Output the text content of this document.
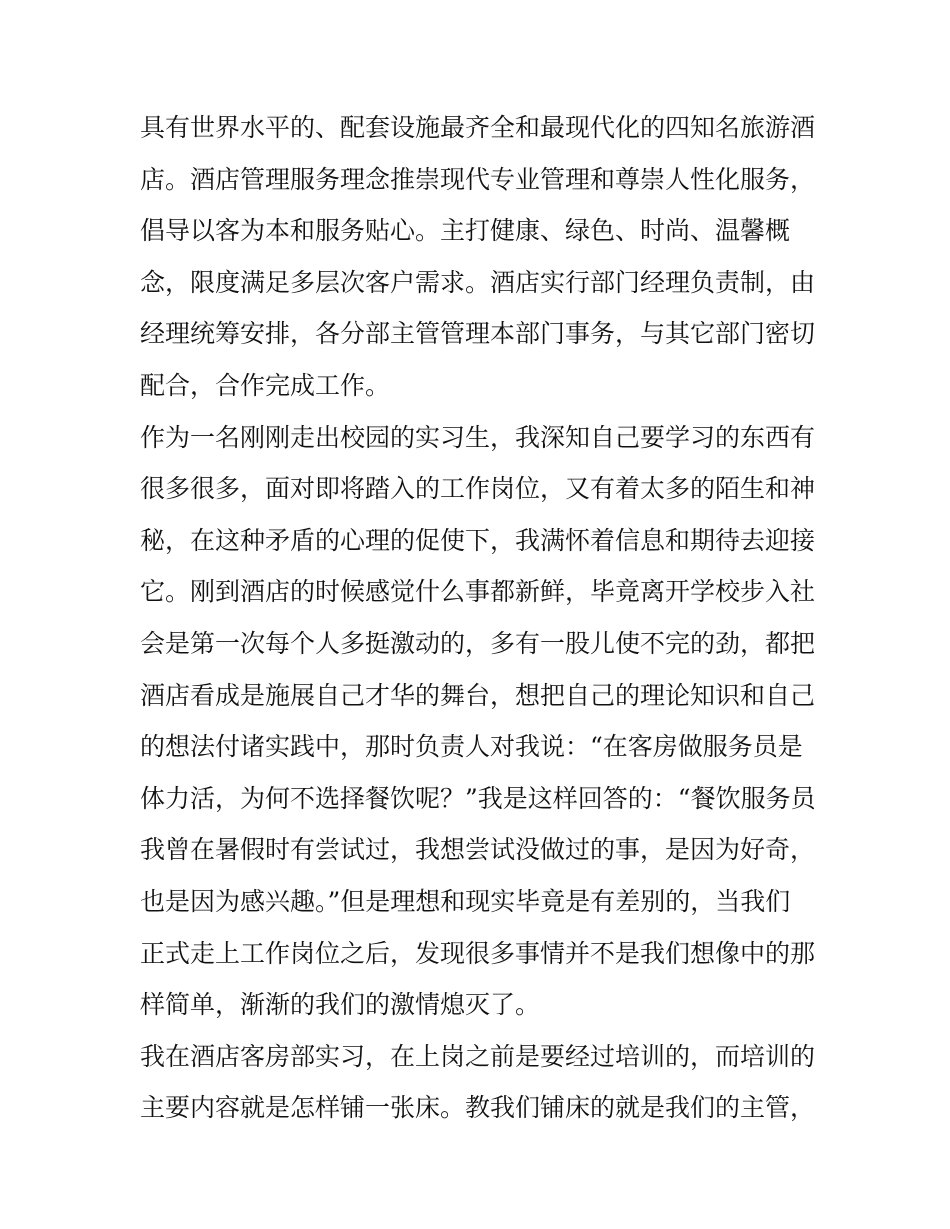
具有世界水平的、配套设施最齐全和最现代化的四知名旅游酒
店。酒店管理服务理念推崇现代专业管理和尊崇人性化服务，
倡导以客为本和服务贴心。主打健康、绿色、时尚、温馨概
念，限度满足多层次客户需求。酒店实行部门经理负责制，由
经理统筹安排，各分部主管管理本部门事务，与其它部门密切
配合，合作完成工作。

作为一名刚刚走出校园的实习生，我深知自己要学习的东西有
很多很多，面对即将踏入的工作岗位，又有着太多的陌生和神
秘，在这种矛盾的心理的促使下，我满怀着信息和期待去迎接
它。刚到酒店的时候感觉什么事都新鲜，毕竟离开学校步入社
会是第一次每个人多挺激动的，多有一股儿使不完的劲，都把
酒店看成是施展自己才华的舞台，想把自己的理论知识和自己
的想法付诸实践中，那时负责人对我说：“在客房做服务员是
体力活，为何不选择餐饮呢？”我是这样回答的：“餐饮服务员
我曾在暑假时有尝试过，我想尝试没做过的事，是因为好奇，
也是因为感兴趣。”但是理想和现实毕竟是有差别的，当我们
正式走上工作岗位之后，发现很多事情并不是我们想像中的那
样简单，渐渐的我们的激情熄灭了。

我在酒店客房部实习，在上岗之前是要经过培训的，而培训的
主要内容就是怎样铺一张床。教我们铺床的就是我们的主管，
